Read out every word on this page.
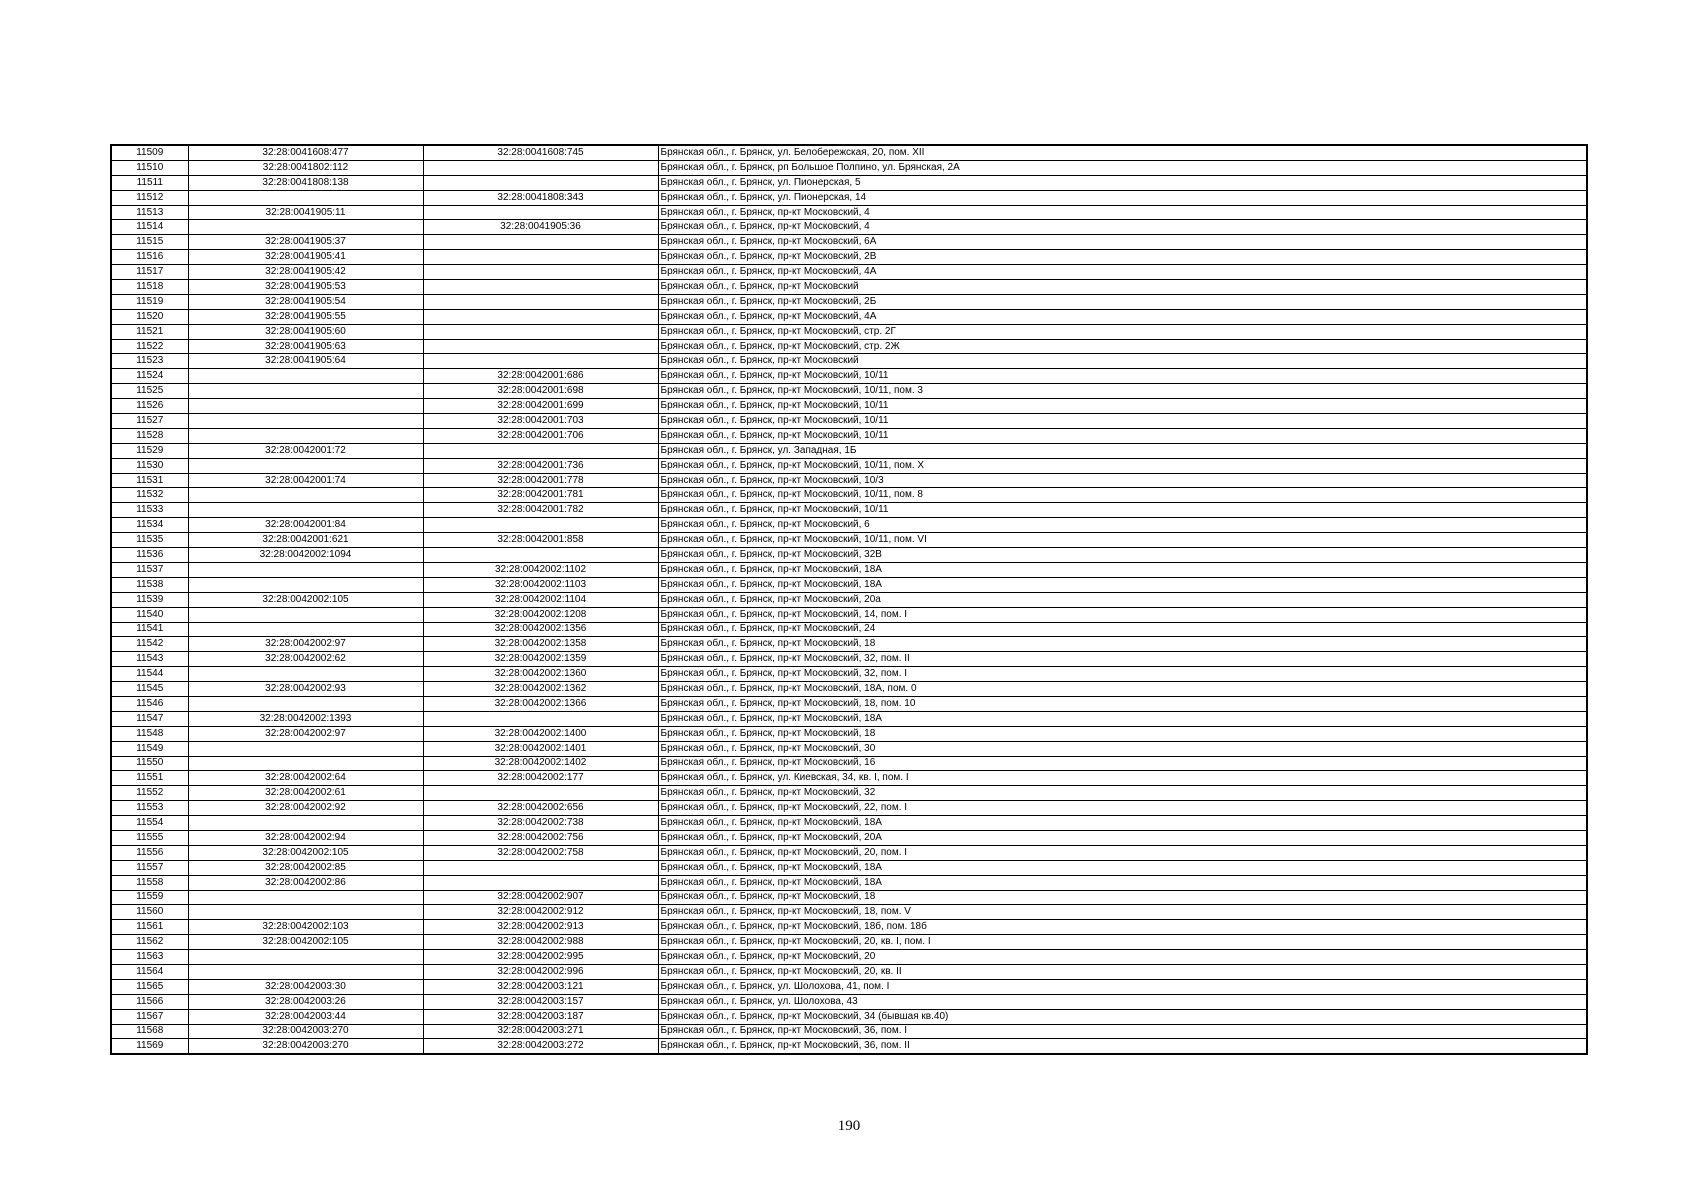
11509	32:28:0041608:477	32:28:0041608:745	Брянская обл., г. Брянск, ул. Белобережская, 20, пом. XII
11510	32:28:0041802:112		Брянская обл., г. Брянск, рп Большое Полпино, ул. Брянская, 2А
11511	32:28:0041808:138		Брянская обл., г. Брянск, ул. Пионерская, 5
11512		32:28:0041808:343	Брянская обл., г. Брянск, ул. Пионерская, 14
11513	32:28:0041905:11		Брянская обл., г. Брянск, пр-кт Московский, 4
11514		32:28:0041905:36	Брянская обл., г. Брянск, пр-кт Московский, 4
11515	32:28:0041905:37		Брянская обл., г. Брянск, пр-кт Московский, 6А
11516	32:28:0041905:41		Брянская обл., г. Брянск, пр-кт Московский, 2В
11517	32:28:0041905:42		Брянская обл., г. Брянск, пр-кт Московский, 4А
11518	32:28:0041905:53		Брянская обл., г. Брянск, пр-кт Московский
11519	32:28:0041905:54		Брянская обл., г. Брянск, пр-кт Московский, 2Б
11520	32:28:0041905:55		Брянская обл., г. Брянск, пр-кт Московский, 4А
11521	32:28:0041905:60		Брянская обл., г. Брянск, пр-кт Московский, стр. 2Г
11522	32:28:0041905:63		Брянская обл., г. Брянск, пр-кт Московский, стр. 2Ж
11523	32:28:0041905:64		Брянская обл., г. Брянск, пр-кт Московский
11524		32:28:0042001:686	Брянская обл., г. Брянск, пр-кт Московский, 10/11
11525		32:28:0042001:698	Брянская обл., г. Брянск, пр-кт Московский, 10/11, пом. 3
11526		32:28:0042001:699	Брянская обл., г. Брянск, пр-кт Московский, 10/11
11527		32:28:0042001:703	Брянская обл., г. Брянск, пр-кт Московский, 10/11
11528		32:28:0042001:706	Брянская обл., г. Брянск, пр-кт Московский, 10/11
11529	32:28:0042001:72		Брянская обл., г. Брянск, ул. Западная, 1Б
11530		32:28:0042001:736	Брянская обл., г. Брянск, пр-кт Московский, 10/11, пом. X
11531	32:28:0042001:74	32:28:0042001:778	Брянская обл., г. Брянск, пр-кт Московский, 10/3
11532		32:28:0042001:781	Брянская обл., г. Брянск, пр-кт Московский, 10/11, пом. 8
11533		32:28:0042001:782	Брянская обл., г. Брянск, пр-кт Московский, 10/11
11534	32:28:0042001:84		Брянская обл., г. Брянск, пр-кт Московский, 6
11535	32:28:0042001:621	32:28:0042001:858	Брянская обл., г. Брянск, пр-кт Московский, 10/11, пом. VI
11536	32:28:0042002:1094		Брянская обл., г. Брянск, пр-кт Московский, 32В
11537		32:28:0042002:1102	Брянская обл., г. Брянск, пр-кт Московский, 18А
11538		32:28:0042002:1103	Брянская обл., г. Брянск, пр-кт Московский, 18А
11539	32:28:0042002:105	32:28:0042002:1104	Брянская обл., г. Брянск, пр-кт Московский, 20а
11540		32:28:0042002:1208	Брянская обл., г. Брянск, пр-кт Московский, 14, пом. I
11541		32:28:0042002:1356	Брянская обл., г. Брянск, пр-кт Московский, 24
11542	32:28:0042002:97	32:28:0042002:1358	Брянская обл., г. Брянск, пр-кт Московский, 18
11543	32:28:0042002:62	32:28:0042002:1359	Брянская обл., г. Брянск, пр-кт Московский, 32, пом. II
11544		32:28:0042002:1360	Брянская обл., г. Брянск, пр-кт Московский, 32, пом. I
11545	32:28:0042002:93	32:28:0042002:1362	Брянская обл., г. Брянск, пр-кт Московский, 18А, пом. 0
11546		32:28:0042002:1366	Брянская обл., г. Брянск, пр-кт Московский, 18, пом. 10
11547	32:28:0042002:1393		Брянская обл., г. Брянск, пр-кт Московский, 18А
11548	32:28:0042002:97	32:28:0042002:1400	Брянская обл., г. Брянск, пр-кт Московский, 18
11549		32:28:0042002:1401	Брянская обл., г. Брянск, пр-кт Московский, 30
11550		32:28:0042002:1402	Брянская обл., г. Брянск, пр-кт Московский, 16
11551	32:28:0042002:64	32:28:0042002:177	Брянская обл., г. Брянск, ул. Киевская, 34, кв. I, пом. I
11552	32:28:0042002:61		Брянская обл., г. Брянск, пр-кт Московский, 32
11553	32:28:0042002:92	32:28:0042002:656	Брянская обл., г. Брянск, пр-кт Московский, 22, пом. I
11554		32:28:0042002:738	Брянская обл., г. Брянск, пр-кт Московский, 18А
11555	32:28:0042002:94	32:28:0042002:756	Брянская обл., г. Брянск, пр-кт Московский, 20А
11556	32:28:0042002:105	32:28:0042002:758	Брянская обл., г. Брянск, пр-кт Московский, 20, пом. I
11557	32:28:0042002:85		Брянская обл., г. Брянск, пр-кт Московский, 18А
11558	32:28:0042002:86		Брянская обл., г. Брянск, пр-кт Московский, 18А
11559		32:28:0042002:907	Брянская обл., г. Брянск, пр-кт Московский, 18
11560		32:28:0042002:912	Брянская обл., г. Брянск, пр-кт Московский, 18, пом. V
11561	32:28:0042002:103	32:28:0042002:913	Брянская обл., г. Брянск, пр-кт Московский, 18б, пом. 18б
11562	32:28:0042002:105	32:28:0042002:988	Брянская обл., г. Брянск, пр-кт Московский, 20, кв. I, пом. I
11563		32:28:0042002:995	Брянская обл., г. Брянск, пр-кт Московский, 20
11564		32:28:0042002:996	Брянская обл., г. Брянск, пр-кт Московский, 20, кв. II
11565	32:28:0042003:30	32:28:0042003:121	Брянская обл., г. Брянск, ул. Шолохова, 41, пом. I
11566	32:28:0042003:26	32:28:0042003:157	Брянская обл., г. Брянск, ул. Шолохова, 43
11567	32:28:0042003:44	32:28:0042003:187	Брянская обл., г. Брянск, пр-кт Московский, 34 (бывшая кв.40)
11568	32:28:0042003:270	32:28:0042003:271	Брянская обл., г. Брянск, пр-кт Московский, 36, пом. I
11569	32:28:0042003:270	32:28:0042003:272	Брянская обл., г. Брянск, пр-кт Московский, 36, пом. II
190
